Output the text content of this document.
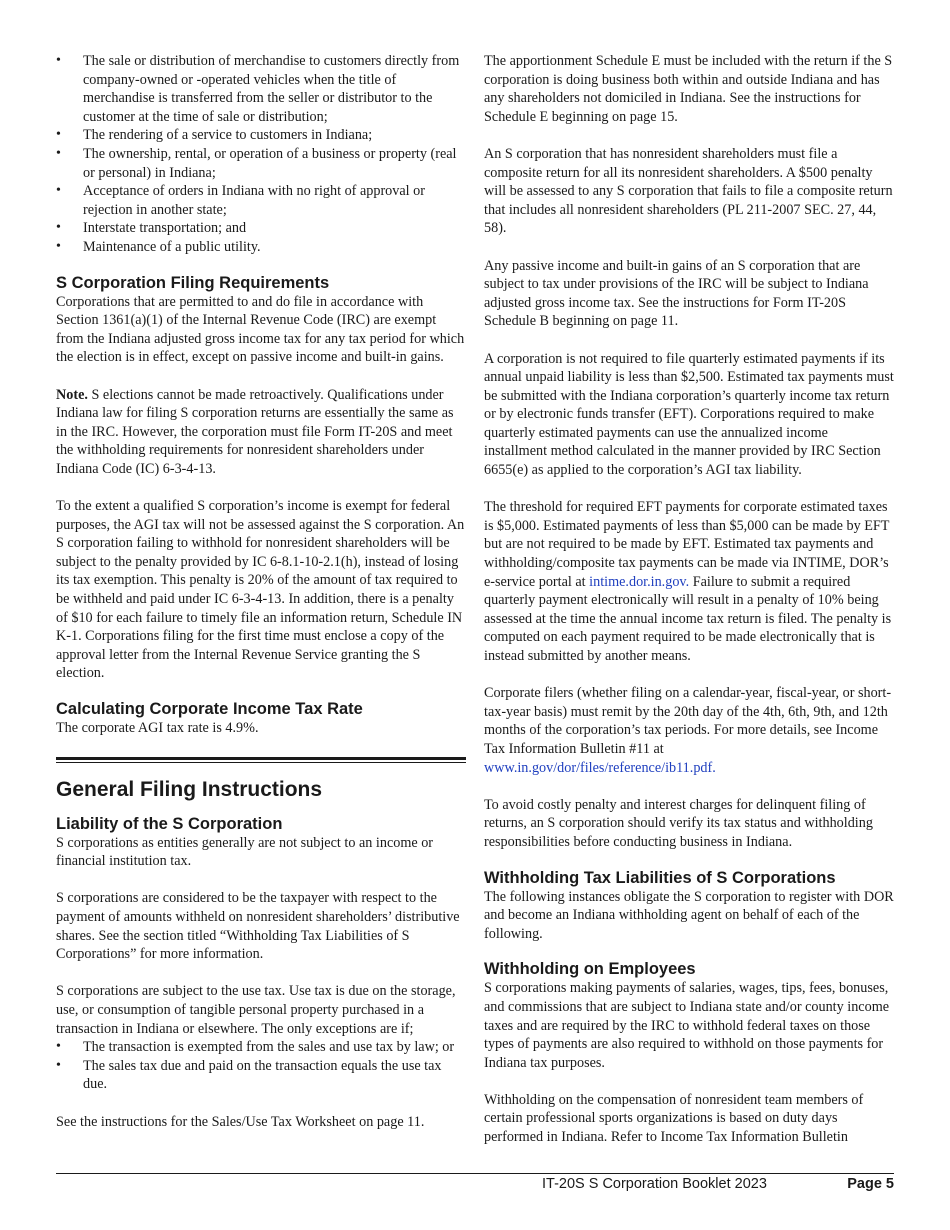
• The sale or distribution of merchandise to customers directly from company-owned or -operated vehicles when the title of merchandise is transferred from the seller or distributor to the customer at the time of sale or distribution;
• The rendering of a service to customers in Indiana;
• The ownership, rental, or operation of a business or property (real or personal) in Indiana;
• Acceptance of orders in Indiana with no right of approval or rejection in another state;
• Interstate transportation; and
• Maintenance of a public utility.
S Corporation Filing Requirements

Corporations that are permitted to and do file in accordance with Section 1361(a)(1) of the Internal Revenue Code (IRC) are exempt from the Indiana adjusted gross income tax for any tax period for which the election is in effect, except on passive income and built-in gains.

Note. S elections cannot be made retroactively. Qualifications under Indiana law for filing S corporation returns are essentially the same as in the IRC. However, the corporation must file Form IT-20S and meet the withholding requirements for nonresident shareholders under Indiana Code (IC) 6-3-4-13.

To the extent a qualified S corporation’s income is exempt for federal purposes, the AGI tax will not be assessed against the S corporation. An S corporation failing to withhold for nonresident shareholders will be subject to the penalty provided by IC 6-8.1-10-2.1(h), instead of losing its tax exemption. This penalty is 20% of the amount of tax required to be withheld and paid under IC 6-3-4-13. In addition, there is a penalty of $10 for each failure to timely file an information return, Schedule IN K-1. Corporations filing for the first time must enclose a copy of the approval letter from the Internal Revenue Service granting the S election.

Calculating Corporate Income Tax Rate

The corporate AGI tax rate is 4.9%.

General Filing Instructions
Liability of the S Corporation

S corporations as entities generally are not subject to an income or financial institution tax.

S corporations are considered to be the taxpayer with respect to the payment of amounts withheld on nonresident shareholders’ distributive shares. See the section titled “Withholding Tax Liabilities of S Corporations” for more information.

S corporations are subject to the use tax. Use tax is due on the storage, use, or consumption of tangible personal property purchased in a transaction in Indiana or elsewhere. The only exceptions are if;

• The transaction is exempted from the sales and use tax by law; or
• The sales tax due and paid on the transaction equals the use tax due.

See the instructions for the Sales/Use Tax Worksheet on page 11.

The apportionment Schedule E must be included with the return if the S corporation is doing business both within and outside Indiana and has any shareholders not domiciled in Indiana. See the instructions for Schedule E beginning on page 15.

An S corporation that has nonresident shareholders must file a composite return for all its nonresident shareholders. A $500 penalty will be assessed to any S corporation that fails to file a composite return that includes all nonresident shareholders (PL 211-2007 SEC. 27, 44, 58).

Any passive income and built-in gains of an S corporation that are subject to tax under provisions of the IRC will be subject to Indiana adjusted gross income tax. See the instructions for Form IT-20S Schedule B beginning on page 11.

A corporation is not required to file quarterly estimated payments if its annual unpaid liability is less than $2,500. Estimated tax payments must be submitted with the Indiana corporation’s quarterly income tax return or by electronic funds transfer (EFT). Corporations required to make quarterly estimated payments can use the annualized income installment method calculated in the manner provided by IRC Section 6655(e) as applied to the corporation’s AGI tax liability.

The threshold for required EFT payments for corporate estimated taxes is $5,000. Estimated payments of less than $5,000 can be made by EFT but are not required to be made by EFT. Estimated tax payments and withholding/composite tax payments can be made via INTIME, DOR’s e-service portal at intime.dor.in.gov. Failure to submit a required quarterly payment electronically will result in a penalty of 10% being assessed at the time the annual income tax return is filed. The penalty is computed on each payment required to be made electronically that is instead submitted by another means.

Corporate filers (whether filing on a calendar-year, fiscal-year, or short-tax-year basis) must remit by the 20th day of the 4th, 6th, 9th, and 12th months of the corporation’s tax periods. For more details, see Income Tax Information Bulletin #11 at www.in.gov/dor/files/reference/ib11.pdf.

To avoid costly penalty and interest charges for delinquent filing of returns, an S corporation should verify its tax status and withholding responsibilities before conducting business in Indiana.

Withholding Tax Liabilities of S Corporations

The following instances obligate the S corporation to register with DOR and become an Indiana withholding agent on behalf of each of the following.

Withholding on Employees

S corporations making payments of salaries, wages, tips, fees, bonuses, and commissions that are subject to Indiana state and/or county income taxes and are required by the IRC to withhold federal taxes on those types of payments are also required to withhold on those payments for Indiana tax purposes.

Withholding on the compensation of nonresident team members of certain professional sports organizations is based on duty days performed in Indiana. Refer to Income Tax Information Bulletin

IT-20S S Corporation Booklet 2023	Page 5
